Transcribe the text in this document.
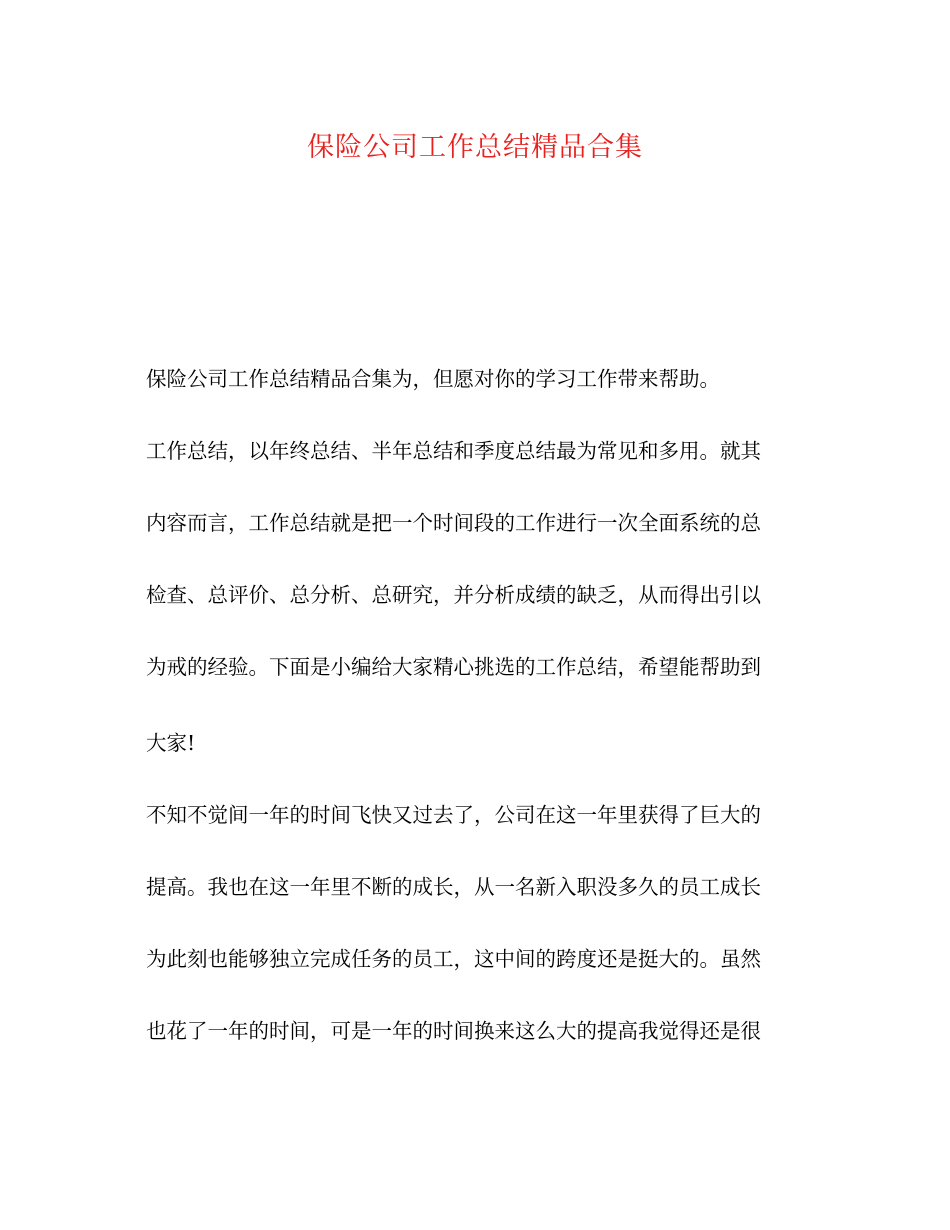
保险公司工作总结精品合集

保险公司工作总结精品合集为，但愿对你的学习工作带来帮助。

工作总结，以年终总结、半年总结和季度总结最为常见和多用。就其

内容而言，工作总结就是把一个时间段的工作进行一次全面系统的总

检查、总评价、总分析、总研究，并分析成绩的缺乏，从而得出引以

为戒的经验。下面是小编给大家精心挑选的工作总结，希望能帮助到

大家!

不知不觉间一年的时间飞快又过去了，公司在这一年里获得了巨大的

提高。我也在这一年里不断的成长，从一名新入职没多久的员工成长

为此刻也能够独立完成任务的员工，这中间的跨度还是挺大的。虽然

也花了一年的时间，可是一年的时间换来这么大的提高我觉得还是很
